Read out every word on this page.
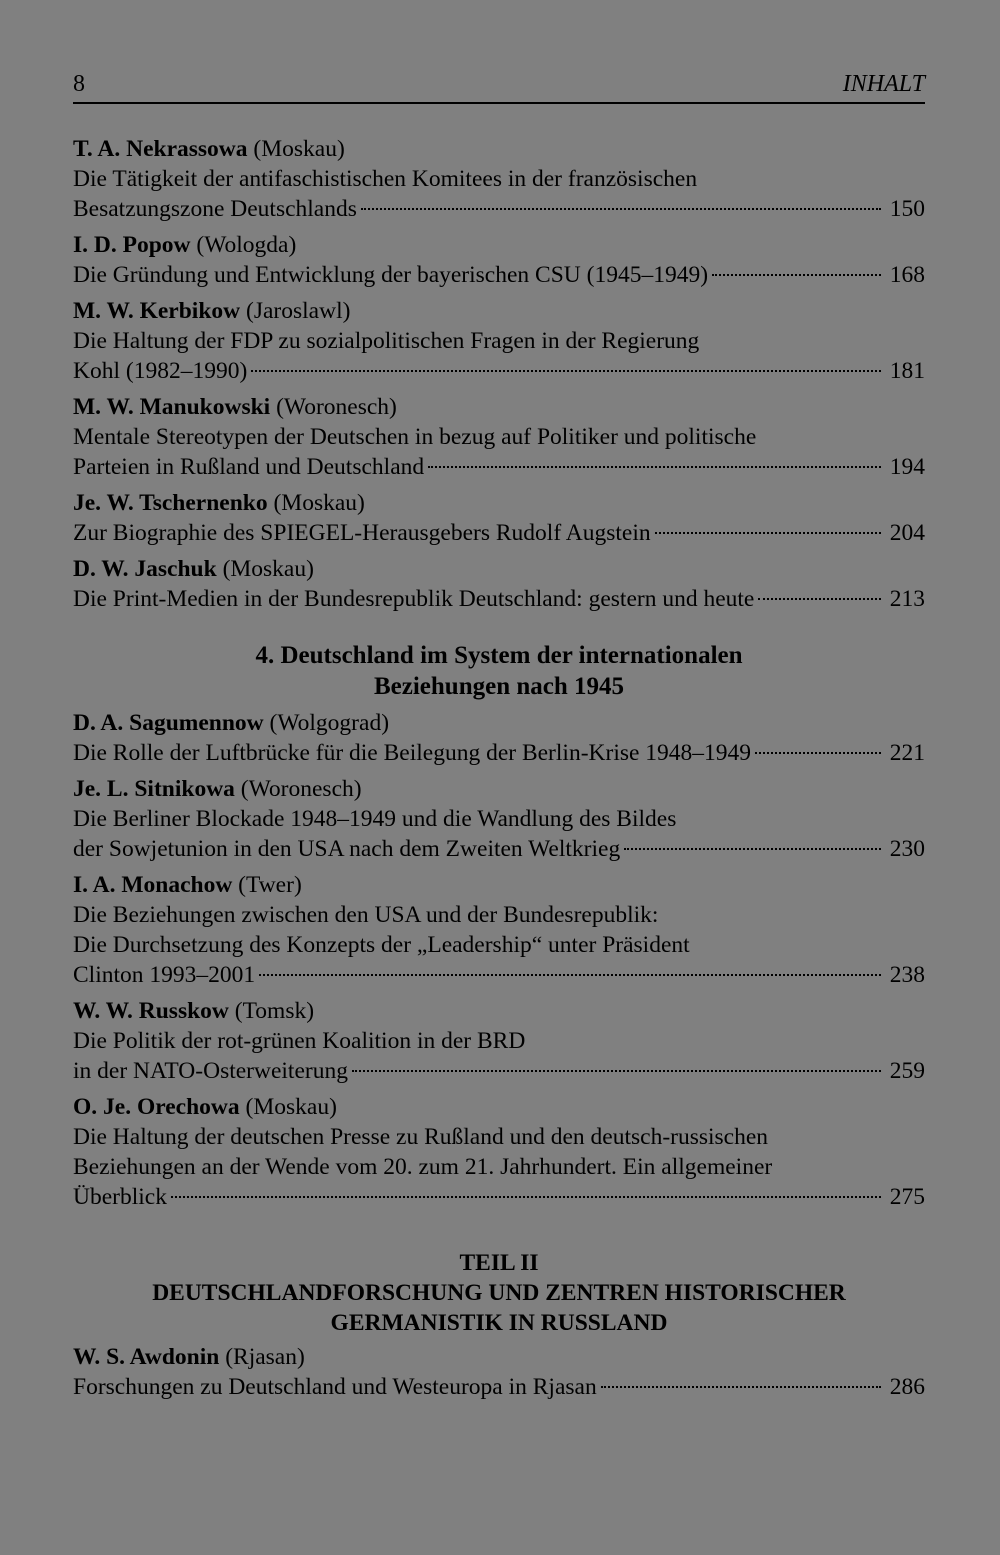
8	INHALT
T. A. Nekrassowa (Moskau)
Die Tätigkeit der antifaschistischen Komitees in der französischen
Besatzungszone Deutschlands	150
I. D. Popow (Wologda)
Die Gründung und Entwicklung der bayerischen CSU (1945–1949)	168
M. W. Kerbikow (Jaroslawl)
Die Haltung der FDP zu sozialpolitischen Fragen in der Regierung
Kohl (1982–1990)	181
M. W. Manukowski (Woronesch)
Mentale Stereotypen der Deutschen in bezug auf Politiker und politische
Parteien in Rußland und Deutschland	194
Je. W. Tschernenko (Moskau)
Zur Biographie des SPIEGEL-Herausgebers Rudolf Augstein	204
D. W. Jaschuk (Moskau)
Die Print-Medien in der Bundesrepublik Deutschland: gestern und heute	213
4. Deutschland im System der internationalen
Beziehungen nach 1945
D. A. Sagumennow (Wolgograd)
Die Rolle der Luftbrücke für die Beilegung der Berlin-Krise 1948–1949	221
Je. L. Sitnikowa (Woronesch)
Die Berliner Blockade 1948–1949 und die Wandlung des Bildes
der Sowjetunion in den USA nach dem Zweiten Weltkrieg	230
I. A. Monachow (Twer)
Die Beziehungen zwischen den USA und der Bundesrepublik:
Die Durchsetzung des Konzepts der „Leadership“ unter Präsident
Clinton 1993–2001	238
W. W. Russkow (Tomsk)
Die Politik der rot-grünen Koalition in der BRD
in der NATO-Osterweiterung	259
O. Je. Orechowa (Moskau)
Die Haltung der deutschen Presse zu Rußland und den deutsch-russischen
Beziehungen an der Wende vom 20. zum 21. Jahrhundert. Ein allgemeiner
Überblick	275
TEIL II
DEUTSCHLANDFORSCHUNG UND ZENTREN HISTORISCHER
GERMANISTIK IN RUSSLAND
W. S. Awdonin (Rjasan)
Forschungen zu Deutschland und Westeuropa in Rjasan	286
